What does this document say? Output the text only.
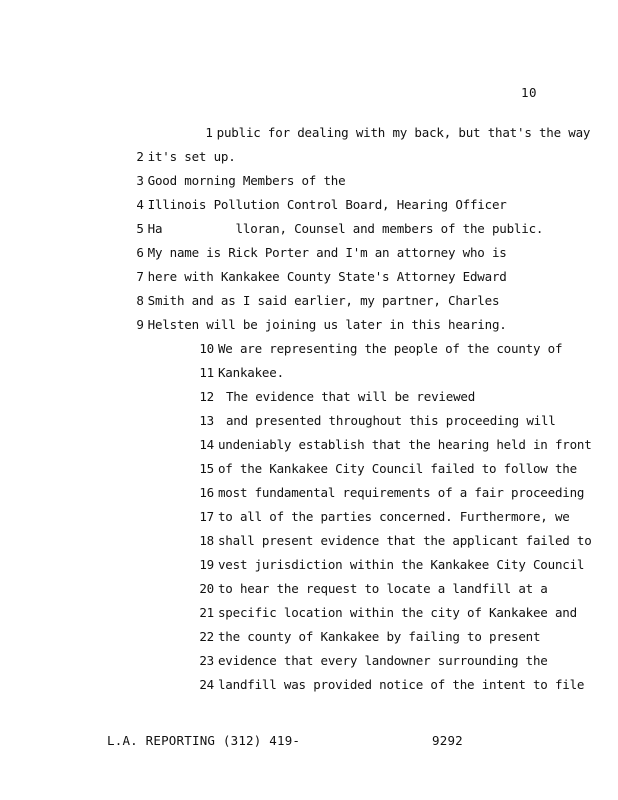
10

1 public for dealing with my back, but that's the way

2 it's set up.

3 Good morning Members of the

4 Illinois Pollution Control Board, Hearing Officer

5 Ha          lloran, Counsel and members of the public.

6 My name is Rick Porter and I'm an attorney who is

7 here with Kankakee County State's Attorney Edward

8 Smith and as I said earlier, my partner, Charles

9 Helsten will be joining us later in this hearing.

10 We are representing the people of the county of

11 Kankakee.

12 The evidence that will be reviewed

13 and presented throughout this proceeding will

14 undeniably establish that the hearing held in front

15 of the Kankakee City Council failed to follow the

16 most fundamental requirements of a fair proceeding

17 to all of the parties concerned. Furthermore, we

18 shall present evidence that the applicant failed to

19 vest jurisdiction within the Kankakee City Council

20 to hear the request to locate a landfill at a

21 specific location within the city of Kankakee and

22 the county of Kankakee by failing to present

23 evidence that every landowner surrounding the

24 landfill was provided notice of the intent to file

L.A. REPORTING (312) 419-	9292
